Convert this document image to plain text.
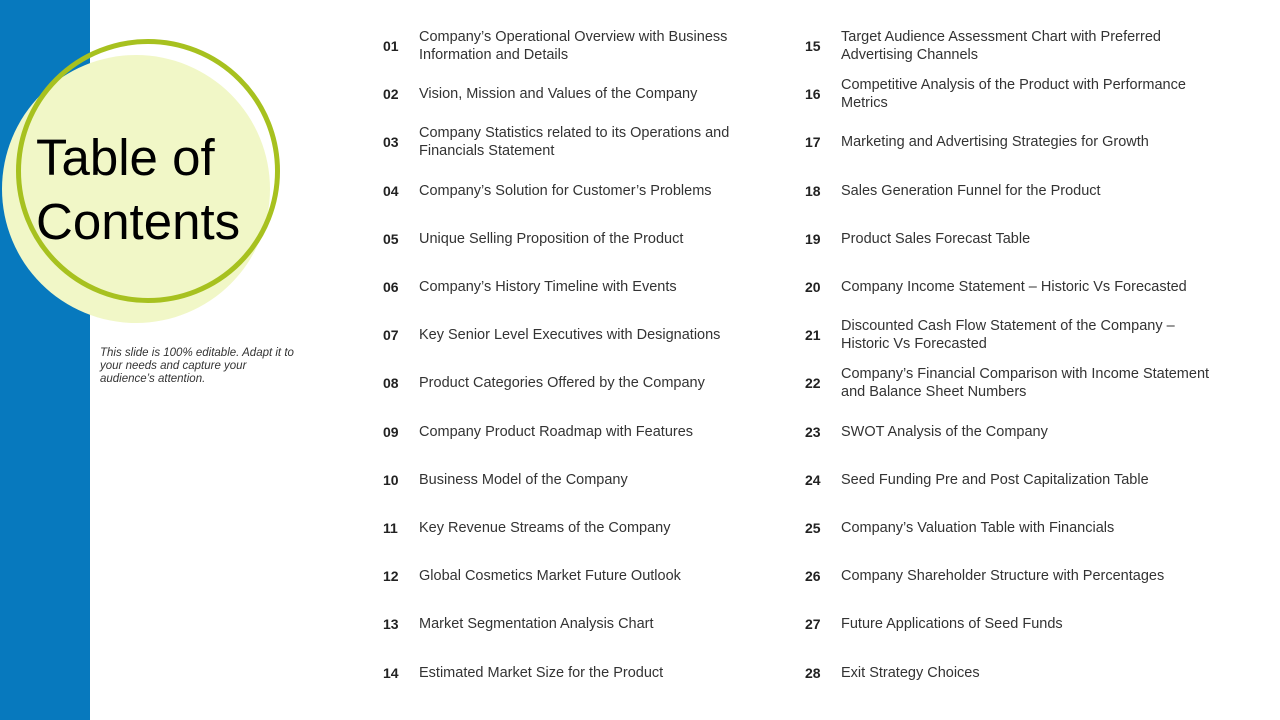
Table of
Contents

This slide is 100% editable. Adapt it to your needs and capture your audience’s attention.

01
Company’s Operational Overview with Business Information and Details
02	Vision, Mission and Values of the Company
03
Company Statistics related to its Operations and Financials Statement
04	Company’s Solution for Customer’s Problems
05	Unique Selling Proposition of the Product
06	Company’s History Timeline with Events
07	Key Senior Level Executives with Designations
08	Product Categories Offered by the Company
09	Company Product Roadmap with Features
10	Business Model of the Company
11	Key Revenue Streams of the Company
12	Global Cosmetics Market Future Outlook
13	Market Segmentation Analysis Chart
14	Estimated Market Size for the Product
15
Target Audience Assessment Chart with Preferred Advertising Channels
16
Competitive Analysis of the Product with Performance Metrics
17	Marketing and Advertising Strategies for Growth
18	Sales Generation Funnel for the Product
19	Product Sales Forecast Table
20	Company Income Statement – Historic Vs Forecasted
21
Discounted Cash Flow Statement of the Company – Historic Vs Forecasted
22
Company’s Financial Comparison with Income Statement and Balance Sheet Numbers
23	SWOT Analysis of the Company
24	Seed Funding Pre and Post Capitalization Table
25	Company’s Valuation Table with Financials
26	Company Shareholder Structure with Percentages
27	Future Applications of Seed Funds
28	Exit Strategy Choices
